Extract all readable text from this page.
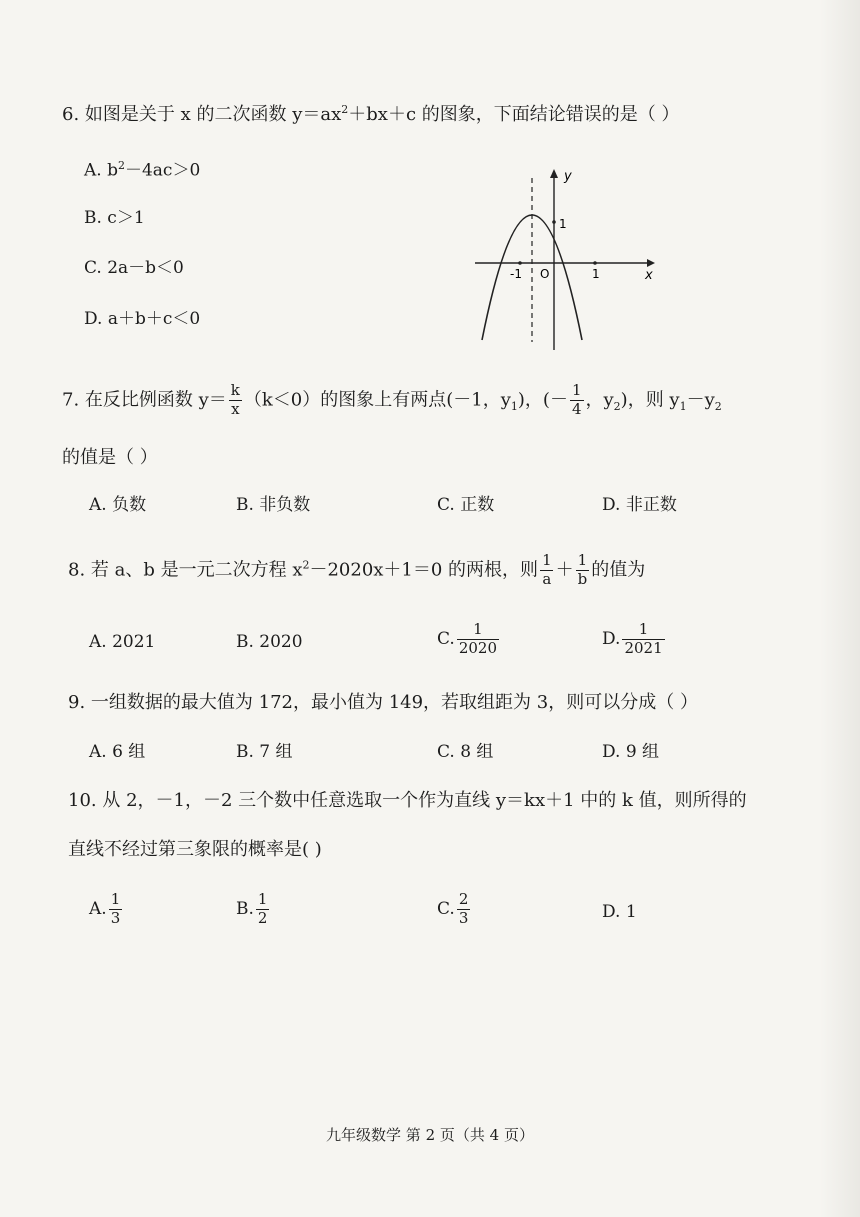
6. 如图是关于 x 的二次函数 $y=ax^2+bx+c$ 的图象，下面结论错误的是（ ）
A. $b^2-4ac>0$
B. c＞1
C. 2a－b＜0
D. a＋b＋c＜0
y
x
1
-1 O	1
7. 在反比例函数 $y= \frac{k}{x} (k<0)$的图象上有两点(－1，$y_1$)，(－ $\frac{1}{4}$ ，$y_2$)，则 $y_1-y_2$
的值是（ ）
A. 负数	B. 非负数	C. 正数	D. 非正数
8. 若 a、b 是一元二次方程 $x^2-2020x+1=0$ 的两根，则 $\frac{1}{a} + \frac{1}{b}$ 的值为
A. 2021	B. 2020	C. $\frac{1}{2020}$	D. $\frac{1}{2021}$
9. 一组数据的最大值为 172，最小值为 149，若取组距为 3，则可以分成（ ）
A. 6 组	B. 7 组	C. 8 组	D. 9 组
10. 从 2，－1，－2 三个数中任意选取一个作为直线 y＝kx＋1 中的 k 值，则所得的
直线不经过第三象限的概率是( )
A. $\frac{1}{3}$	B. $\frac{1}{2}$	C. $\frac{2}{3}$	D. 1
九年级数学 第 2 页（共 4 页）
